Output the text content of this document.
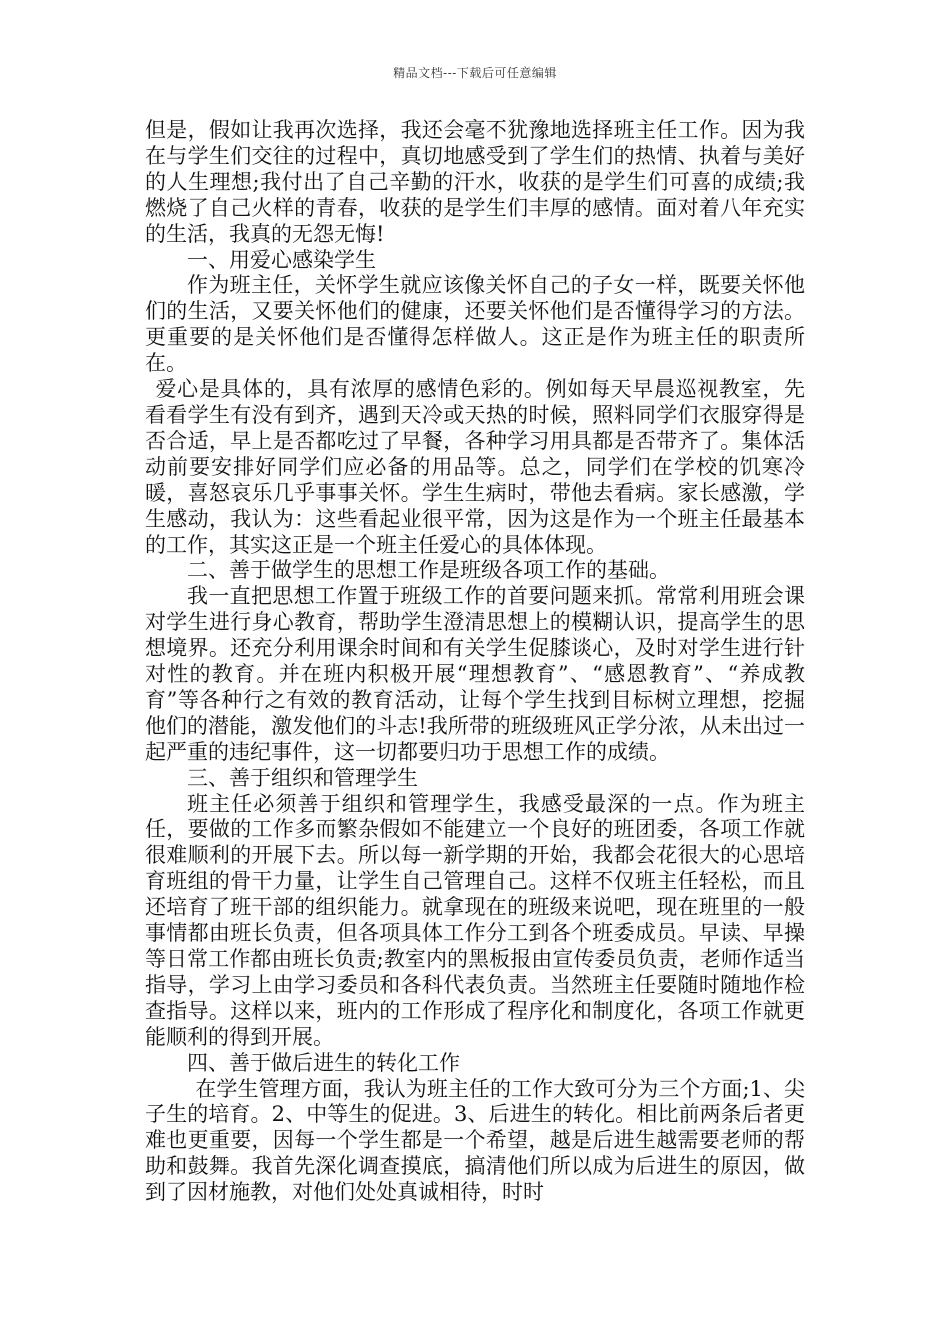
精品文档---下载后可任意编辑

但是，假如让我再次选择，我还会毫不犹豫地选择班主任工作。因为我在与学生们交往的过程中，真切地感受到了学生们的热情、执着与美好的人生理想;我付出了自己辛勤的汗水，收获的是学生们可喜的成绩;我燃烧了自己火样的青春，收获的是学生们丰厚的感情。面对着八年充实的生活，我真的无怨无悔!

一、用爱心感染学生

作为班主任，关怀学生就应该像关怀自己的子女一样，既要关怀他们的生活，又要关怀他们的健康，还要关怀他们是否懂得学习的方法。更重要的是关怀他们是否懂得怎样做人。这正是作为班主任的职责所在。

爱心是具体的，具有浓厚的感情色彩的。例如每天早晨巡视教室，先看看学生有没有到齐，遇到天冷或天热的时候，照料同学们衣服穿得是否合适，早上是否都吃过了早餐，各种学习用具都是否带齐了。集体活动前要安排好同学们应必备的用品等。总之，同学们在学校的饥寒冷暖，喜怒哀乐几乎事事关怀。学生生病时，带他去看病。家长感激，学生感动，我认为：这些看起业很平常，因为这是作为一个班主任最基本的工作，其实这正是一个班主任爱心的具体体现。

二、善于做学生的思想工作是班级各项工作的基础。

我一直把思想工作置于班级工作的首要问题来抓。常常利用班会课对学生进行身心教育，帮助学生澄清思想上的模糊认识，提高学生的思想境界。还充分利用课余时间和有关学生促膝谈心，及时对学生进行针对性的教育。并在班内积极开展“理想教育”、“感恩教育”、“养成教育”等各种行之有效的教育活动，让每个学生找到目标树立理想，挖掘他们的潜能，激发他们的斗志!我所带的班级班风正学分浓，从未出过一起严重的违纪事件，这一切都要归功于思想工作的成绩。

三、善于组织和管理学生

班主任必须善于组织和管理学生，我感受最深的一点。作为班主任，要做的工作多而繁杂假如不能建立一个良好的班团委，各项工作就很难顺利的开展下去。所以每一新学期的开始，我都会花很大的心思培育班组的骨干力量，让学生自己管理自己。这样不仅班主任轻松，而且还培育了班干部的组织能力。就拿现在的班级来说吧，现在班里的一般事情都由班长负责，但各项具体工作分工到各个班委成员。早读、早操等日常工作都由班长负责;教室内的黑板报由宣传委员负责，老师作适当指导，学习上由学习委员和各科代表负责。当然班主任要随时随地作检查指导。这样以来，班内的工作形成了程序化和制度化，各项工作就更能顺利的得到开展。

四、善于做后进生的转化工作

在学生管理方面，我认为班主任的工作大致可分为三个方面;1、尖子生的培育。2、中等生的促进。3、后进生的转化。相比前两条后者更难也更重要，因每一个学生都是一个希望，越是后进生越需要老师的帮助和鼓舞。我首先深化调查摸底，搞清他们所以成为后进生的原因，做到了因材施教，对他们处处真诚相待，时时
